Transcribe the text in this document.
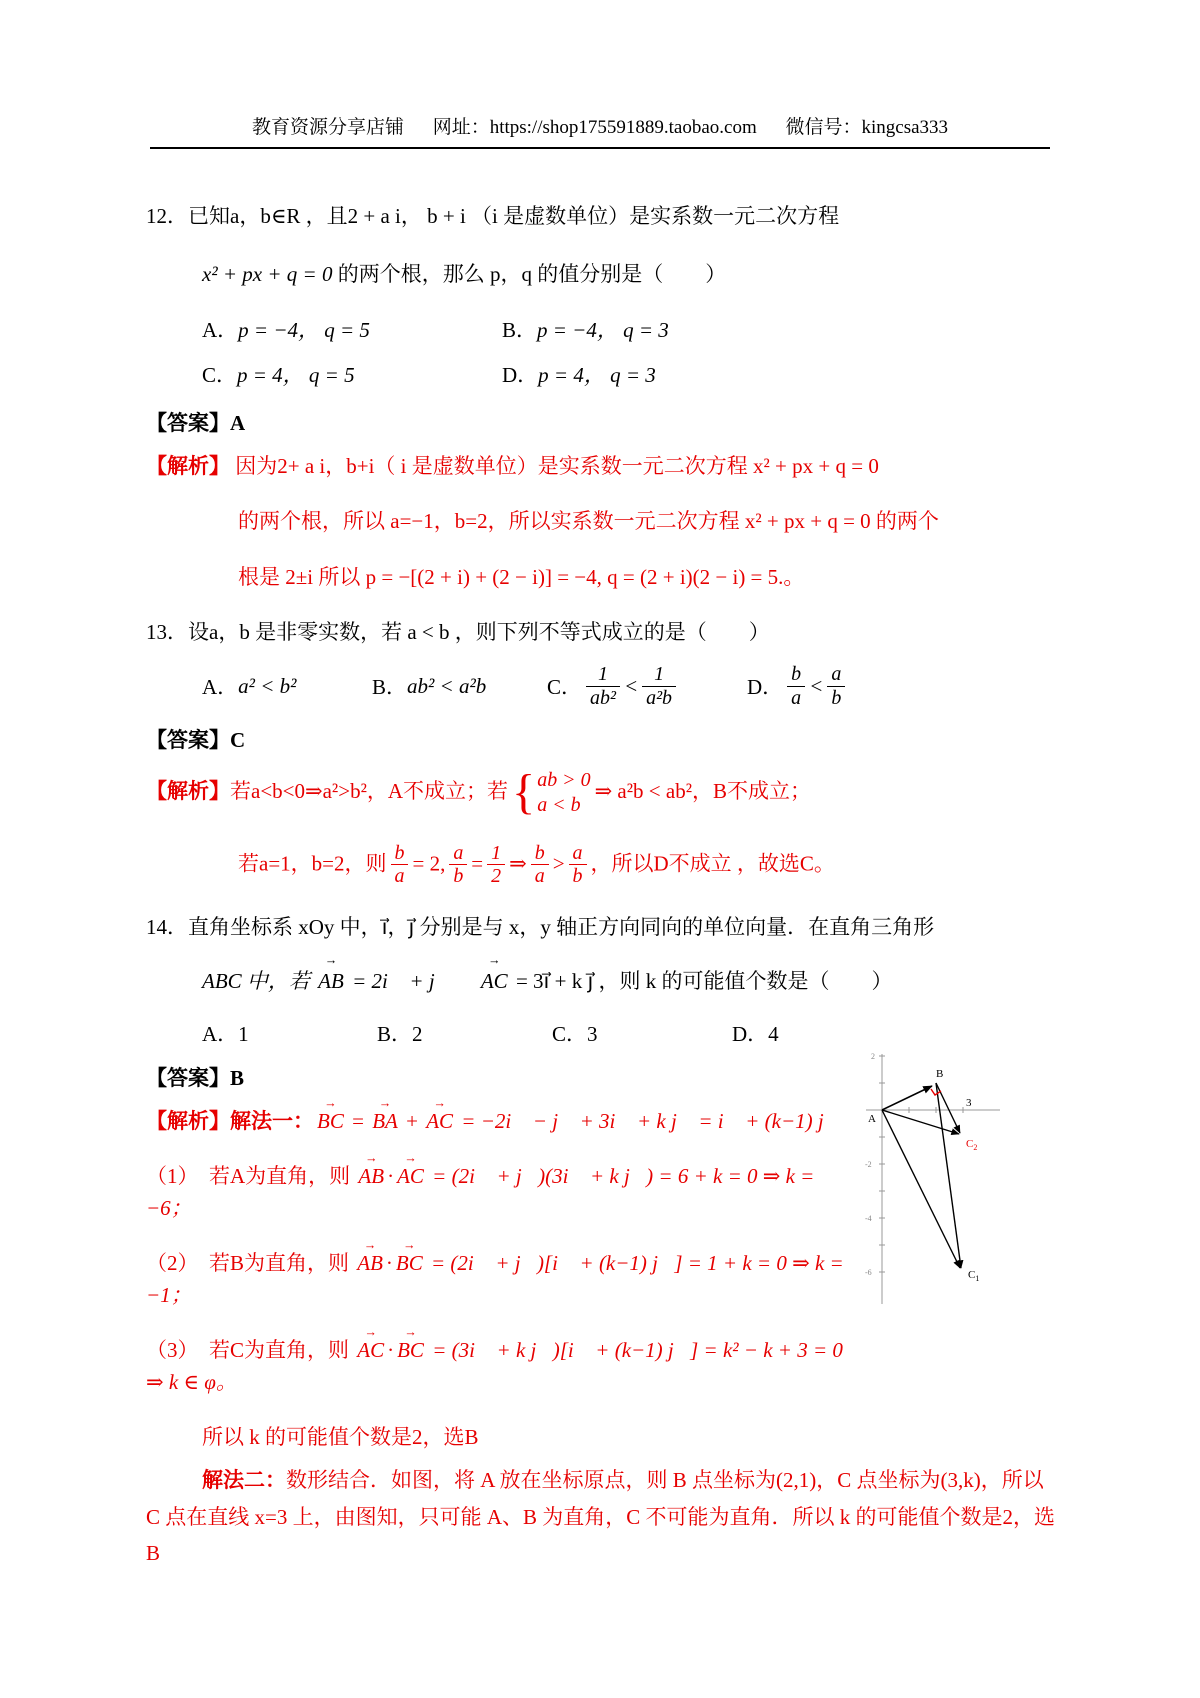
教育资源分享店铺 网址：https://shop175591889.taobao.com 微信号：kingcsa333

12．已知a，b∈R ，且2 + a i， b + i （i 是虚数单位）是实系数一元二次方程

x² + px + q = 0 的两个根，那么 p，q 的值分别是（　　）

A．p = −4， q = 5	B．p = −4， q = 3
C．p = 4， q = 5	D．p = 4， q = 3

【答案】A

【解析】 因为2+ a i，b+i（ i 是虚数单位）是实系数一元二次方程 x² + px + q = 0

的两个根，所以 a=−1，b=2，所以实系数一元二次方程 x² + px + q = 0 的两个

根是 2±i 所以 p = −[(2 + i) + (2 − i)] = −4, q = (2 + i)(2 − i) = 5.。

13．设a，b 是非零实数，若 a < b ，则下列不等式成立的是（　　）

A． a² < b²	B． ab² < a²b	C． $\frac{1}{\text{ab²}} < \frac{1}{\text{a²b}}$	D． $\frac{b}{a} < \frac{a}{b}$

【答案】C

【解析】若a<b<0⇒a²>b²，A不成立；若 { ab > 0
a < b
⇒ a²b < ab²，B不成立；

若a=1，b=2，则 $\frac{b}{a} = 2$, $\frac{a}{b} = \frac{1}{2}$ ⇒ $\frac{b}{a} > \frac{a}{b}$ ，所以D不成立 ，故选C。

14．直角坐标系 xOy 中，i⃗，j⃗ 分别是与 x，y 轴正方向同向的单位向量．在直角三角形

ABC 中，若 → AB = 2i⃗ + j⃗ ， → AC = 3i⃗ + k j⃗ ，则 k 的可能值个数是（　　）

A．1	B．2	C．3	D．4

【答案】B

【解析】解法一： → BC = → BA + → AC = −2i⃗ − j⃗ + 3i⃗ + k j⃗ = i⃗ + (k−1) j⃗

（1）　若A为直角，则 → AB · → AC = (2i⃗ + j⃗)(3i⃗ + k j⃗) = 6 + k = 0 ⇒ k = −6；

（2）　若B为直角，则 → AB · → BC = (2i⃗ + j⃗)[i⃗ + (k−1) j⃗] = 1 + k = 0 ⇒ k = −1；

（3）　若C为直角，则 → AC · → BC = (3i⃗ + k j⃗)[i⃗ + (k−1) j⃗] = k² − k + 3 = 0 ⇒ k ∈ φ。

所以 k 的可能值个数是2，选B

解法二：数形结合．如图，将 A 放在坐标原点，则 B 点坐标为(2,1)，C 点坐标为(3,k)，所以 C 点在直线 x=3 上，由图知，只可能 A、B 为直角，C 不可能为直角．所以 k 的可能值个数是2，选B

2
-2
-4
-6
B
A
3
$C_2$
$C_1$
